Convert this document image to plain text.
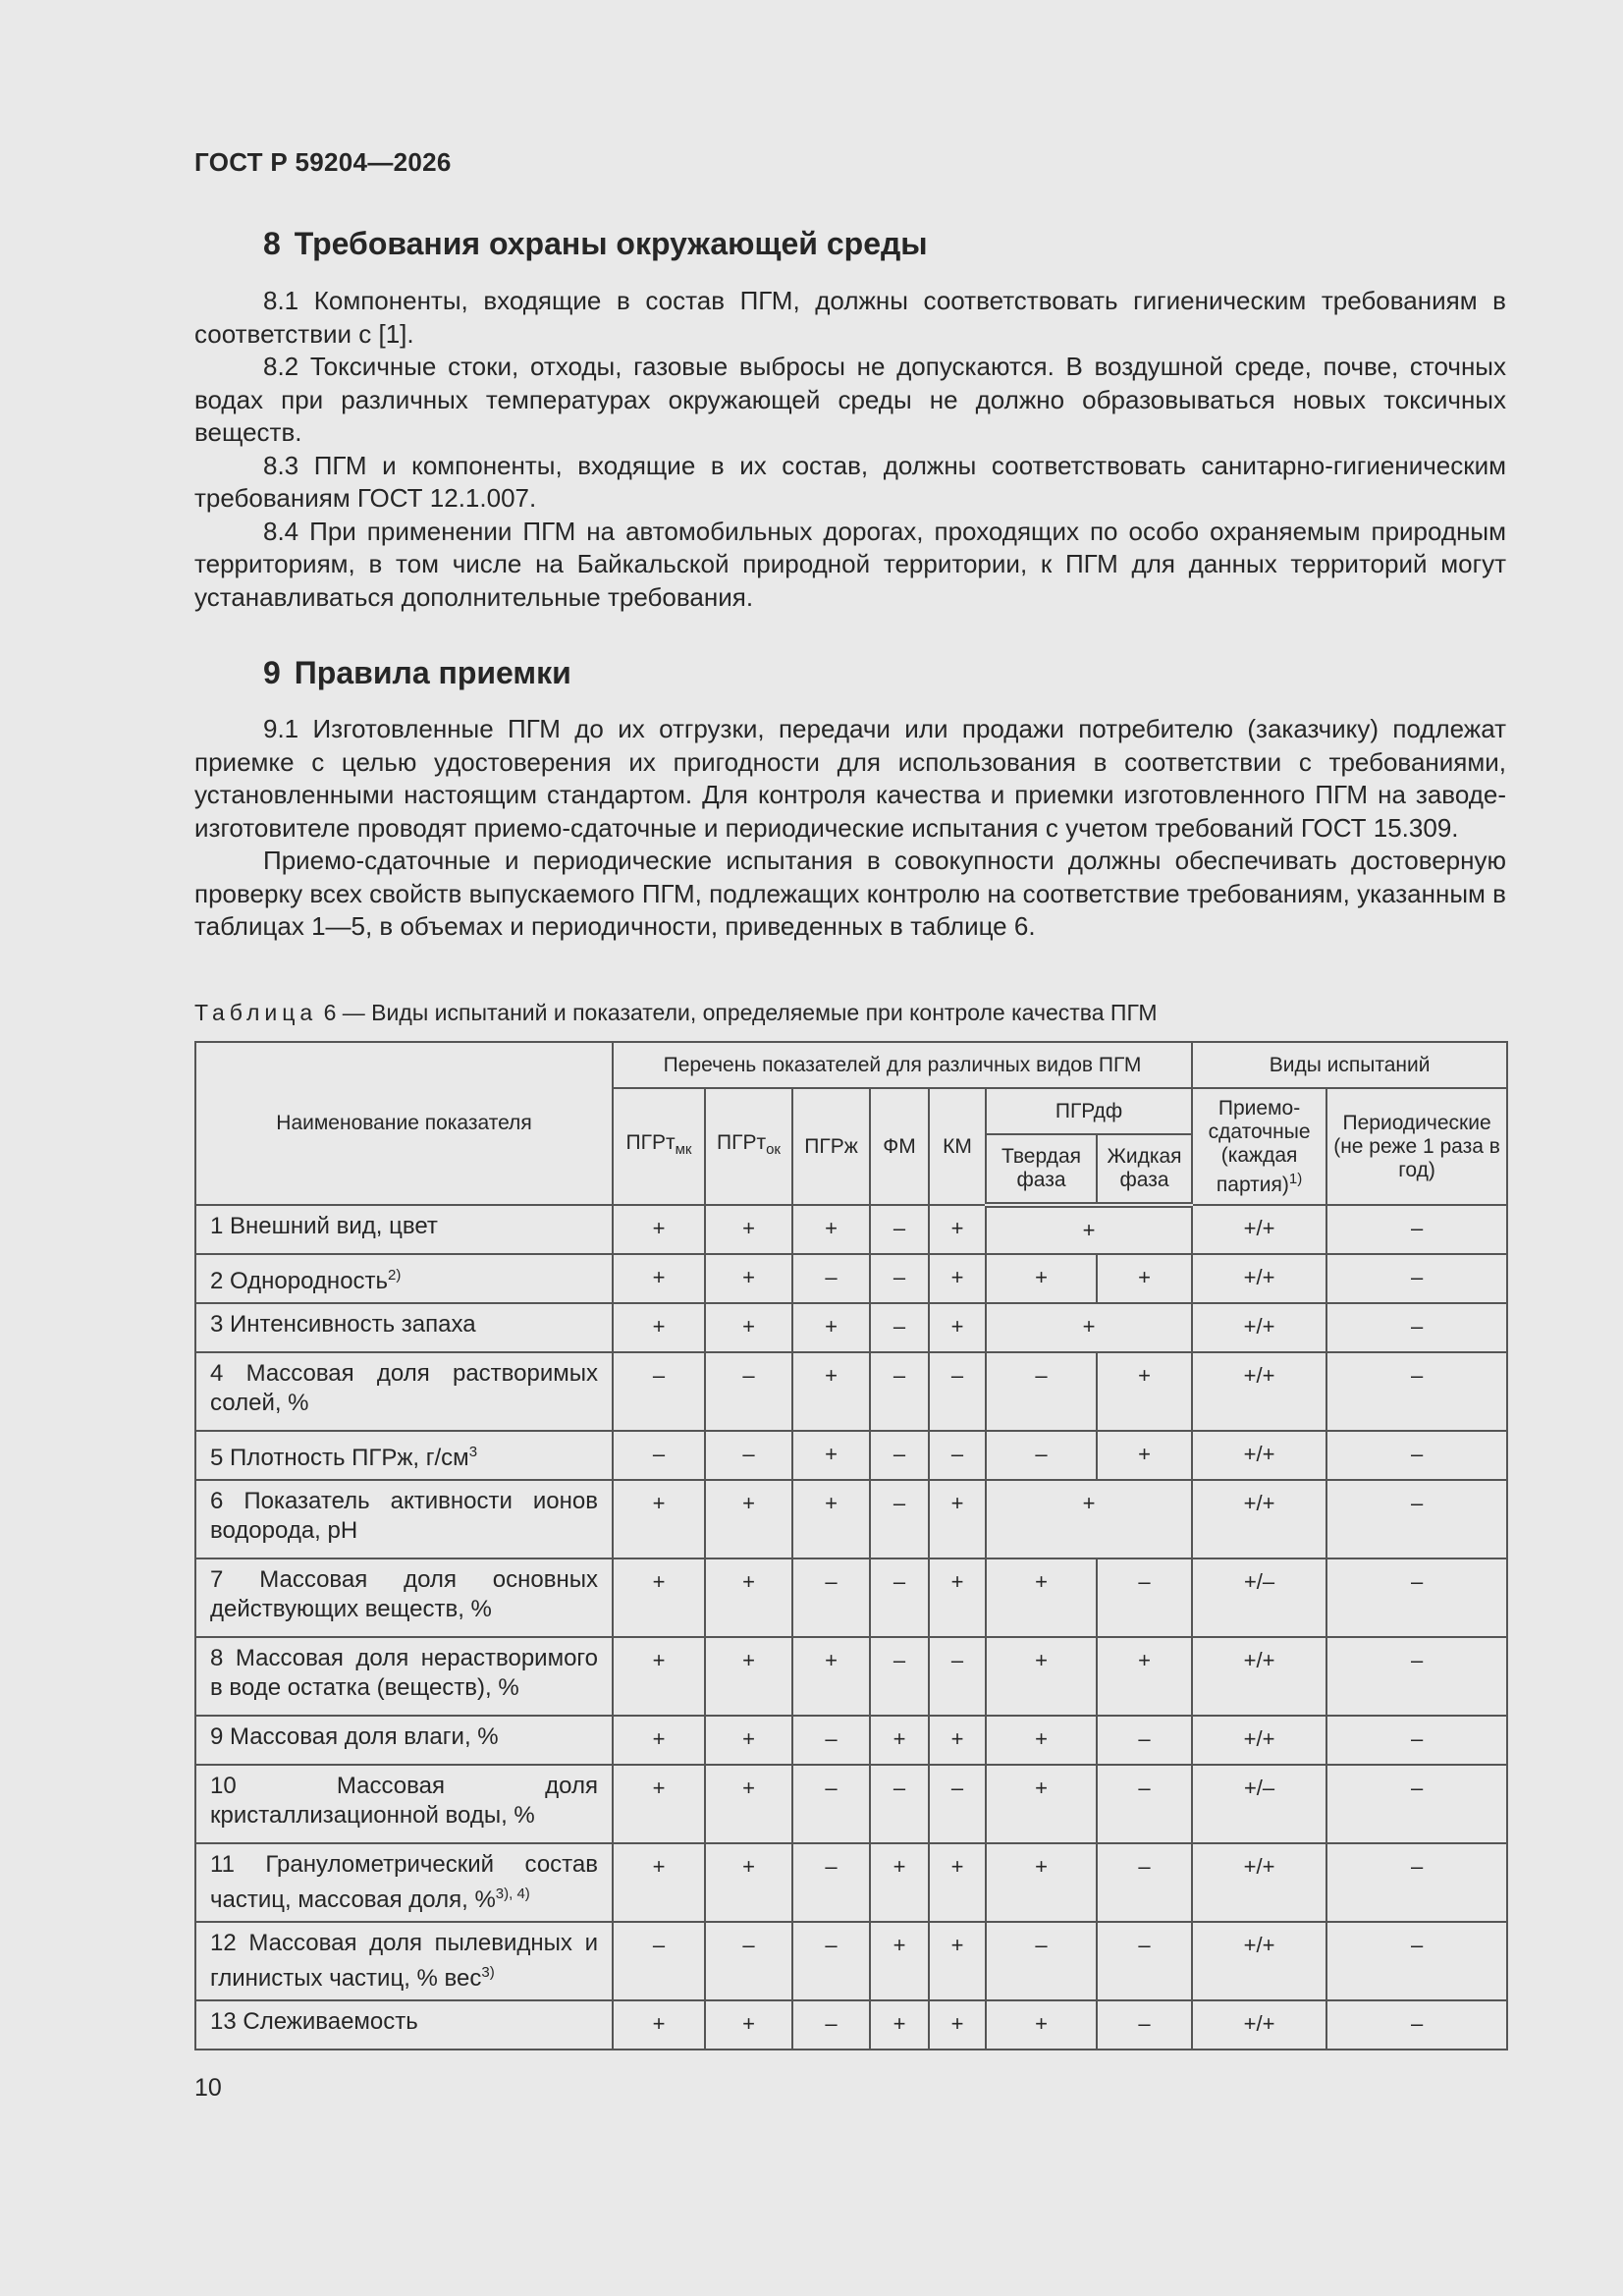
ГОСТ Р 59204—2026
8 Требования охраны окружающей среды

8.1 Компоненты, входящие в состав ПГМ, должны соответствовать гигиеническим требованиям в соответствии с [1].

8.2 Токсичные стоки, отходы, газовые выбросы не допускаются. В воздушной среде, почве, сточных водах при различных температурах окружающей среды не должно образовываться новых токсичных веществ.

8.3 ПГМ и компоненты, входящие в их состав, должны соответствовать санитарно-гигиеническим требованиям ГОСТ 12.1.007.

8.4 При применении ПГМ на автомобильных дорогах, проходящих по особо охраняемым природным территориям, в том числе на Байкальской природной территории, к ПГМ для данных территорий могут устанавливаться дополнительные требования.

9 Правила приемки

9.1 Изготовленные ПГМ до их отгрузки, передачи или продажи потребителю (заказчику) подлежат приемке с целью удостоверения их пригодности для использования в соответствии с требованиями, установленными настоящим стандартом. Для контроля качества и приемки изготовленного ПГМ на заводе-изготовителе проводят приемо-сдаточные и периодические испытания с учетом требований ГОСТ 15.309.

Приемо-сдаточные и периодические испытания в совокупности должны обеспечивать достоверную проверку всех свойств выпускаемого ПГМ, подлежащих контролю на соответствие требованиям, указанным в таблицах 1—5, в объемах и периодичности, приведенных в таблице 6.

Таблица 6 — Виды испытаний и показатели, определяемые при контроле качества ПГМ
Наименование показателя	Перечень показателей для различных видов ПГМ							Виды испытаний	
	ПГРт$_{мк}$	ПГРт$_{ок}$	ПГРж	ФМ	КМ	ПГРдф		Приемо-сдаточные (каждая партия)$^{1)}$	Периодические (не реже 1 раза в год)
						Твердая фаза	Жидкая фаза		
1 Внешний вид, цвет	+	+	+	–	+	+		+/+	–
2 Однородность$^{2)}$	+	+	–	–	+	+	+	+/+	–
3 Интенсивность запаха	+	+	+	–	+	+		+/+	–
4 Массовая доля растворимых солей, %	–	–	+	–	–	–	+	+/+	–
5 Плотность ПГРж, $г/см^3$	–	–	+	–	–	–	+	+/+	–
6 Показатель активности ионов водорода, pH	+	+	+	–	+	+		+/+	–
7 Массовая доля основных действующих веществ, %	+	+	–	–	+	+	–	+/–	–
8 Массовая доля нерастворимого в воде остатка (веществ), %	+	+	+	–	–	+	+	+/+	–
9 Массовая доля влаги, %	+	+	–	+	+	+	–	+/+	–
10 Массовая доля кристаллизационной воды, %	+	+	–	–	–	+	–	+/–	–
11 Гранулометрический состав частиц, массовая доля, %$^{3), 4)}$	+	+	–	+	+	+	–	+/+	–
12 Массовая доля пылевидных и глинистых частиц, % вес$^{3)}$	–	–	–	+	+	–	–	+/+	–
13 Слеживаемость	+	+	–	+	+	+	–	+/+	–
10
